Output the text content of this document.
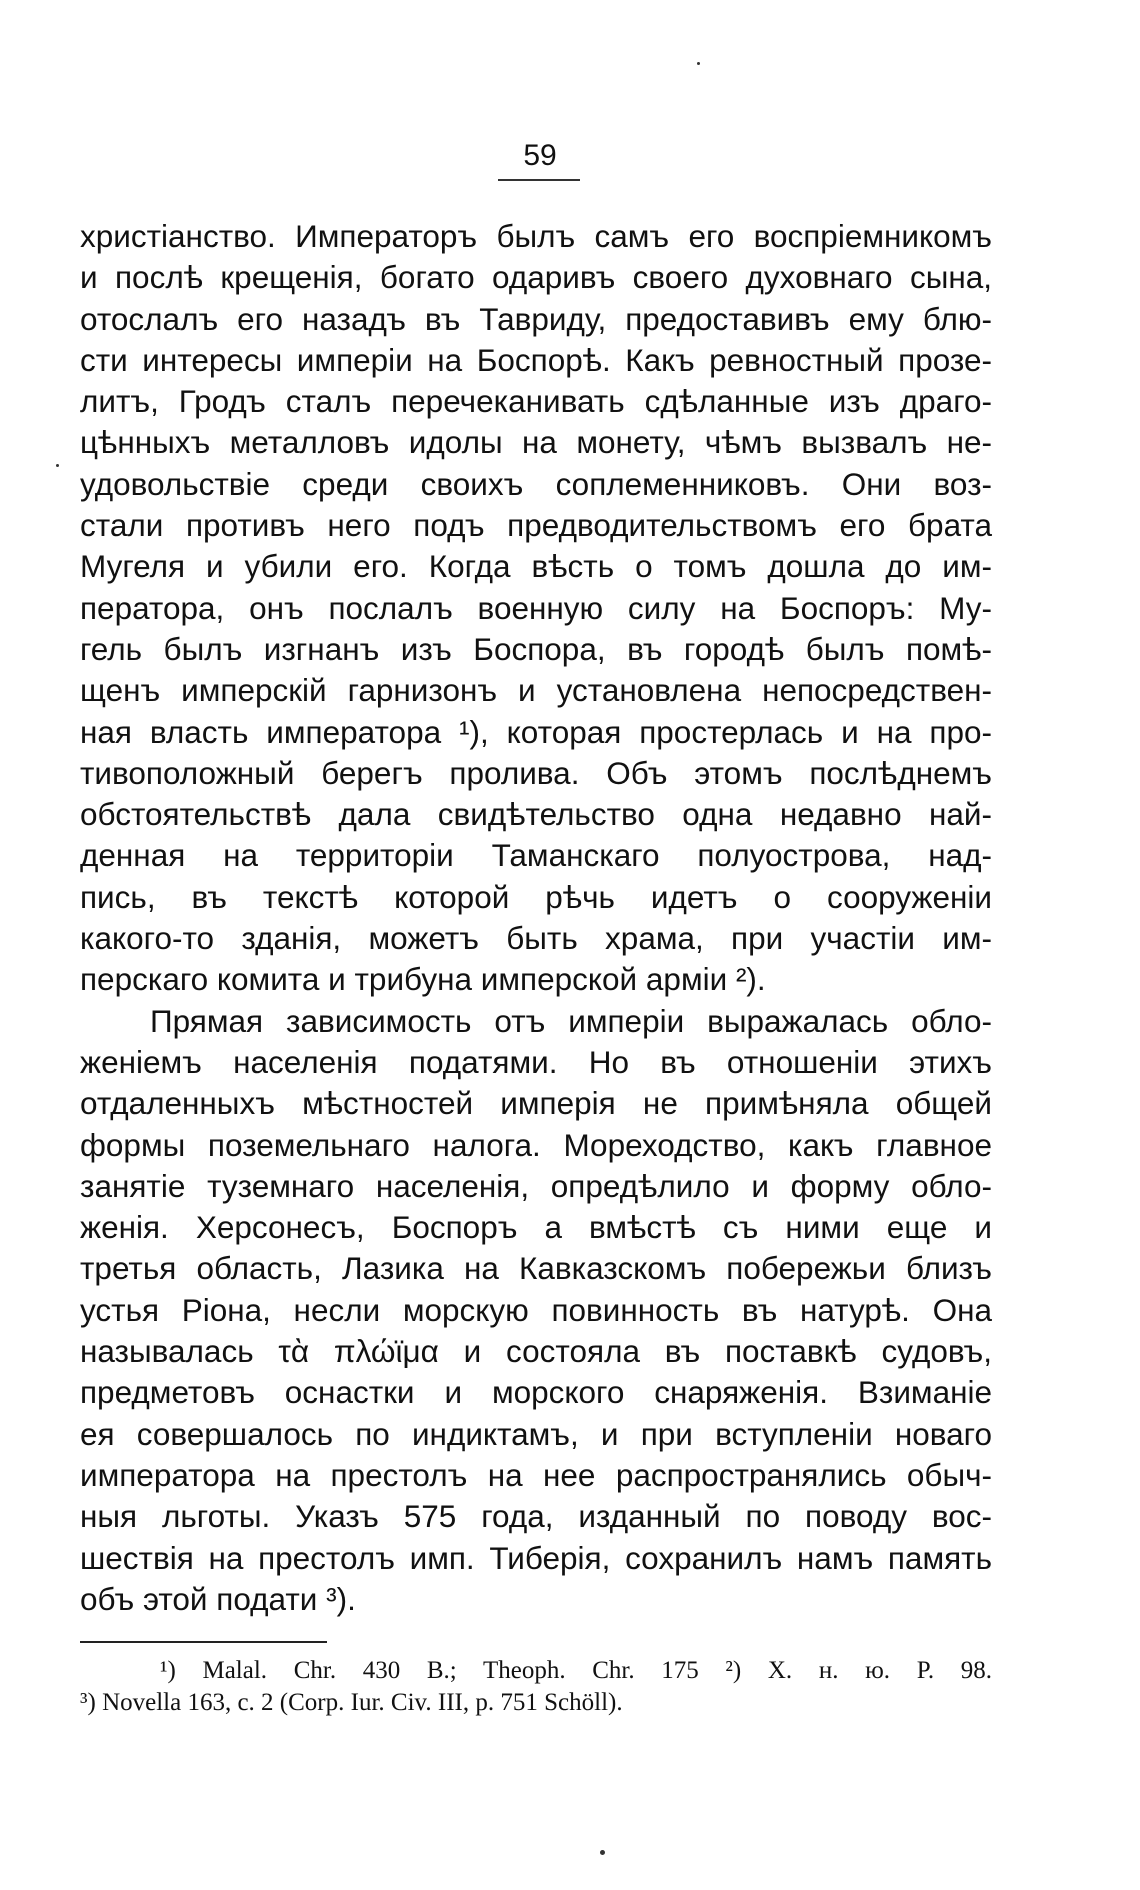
59
христіанство. Императоръ былъ самъ его воспріемникомъ
и послѣ крещенія, богато одаривъ своего духовнаго сына,
отослалъ его назадъ въ Тавриду, предоставивъ ему блю-
сти интересы имперіи на Боспорѣ. Какъ ревностный прозе-
литъ, Гродъ сталъ перечеканивать сдѣланные изъ драго-
цѣнныхъ металловъ идолы на монету, чѣмъ вызвалъ не-
удовольствіе среди своихъ соплеменниковъ. Они воз-
стали противъ него подъ предводительствомъ его брата
Мугеля и убили его. Когда вѣсть о томъ дошла до им-
ператора, онъ послалъ военную силу на Боспоръ: Му-
гель былъ изгнанъ изъ Боспора, въ городѣ былъ помѣ-
щенъ имперскій гарнизонъ и установлена непосредствен-
ная власть императора ¹), которая простерлась и на про-
тивоположный берегъ пролива. Объ этомъ послѣднемъ
обстоятельствѣ дала свидѣтельство одна недавно най-
денная на территоріи Таманскаго полуострова, над-
пись, въ текстѣ которой рѣчь идетъ о сооруженіи
какого-то зданія, можетъ быть храма, при участіи им-
перскаго комита и трибуна имперской арміи ²).
Прямая зависимость отъ имперіи выражалась обло-
женіемъ населенія податями. Но въ отношеніи этихъ
отдаленныхъ мѣстностей имперія не примѣняла общей
формы поземельнаго налога. Мореходство, какъ главное
занятіе туземнаго населенія, опредѣлило и форму обло-
женія. Херсонесъ, Боспоръ а вмѣстѣ съ ними еще и
третья область, Лазика на Кавказскомъ побережьи близъ
устья Ріона, несли морскую повинность въ натурѣ. Она
называлась τὰ πλώϊμα и состояла въ поставкѣ судовъ,
предметовъ оснастки и морского снаряженія. Взиманіе
ея совершалось по индиктамъ, и при вступленіи новаго
императора на престолъ на нее распространялись обыч-
ныя льготы. Указъ 575 года, изданный по поводу вос-
шествія на престолъ имп. Тиберія, сохранилъ намъ память
объ этой подати ³).
¹) Malal. Chr. 430 B.; Theoph. Chr. 175 ²) X. н. ю. P. 98.
³) Novella 163, c. 2 (Corp. Iur. Civ. III, p. 751 Schöll).
